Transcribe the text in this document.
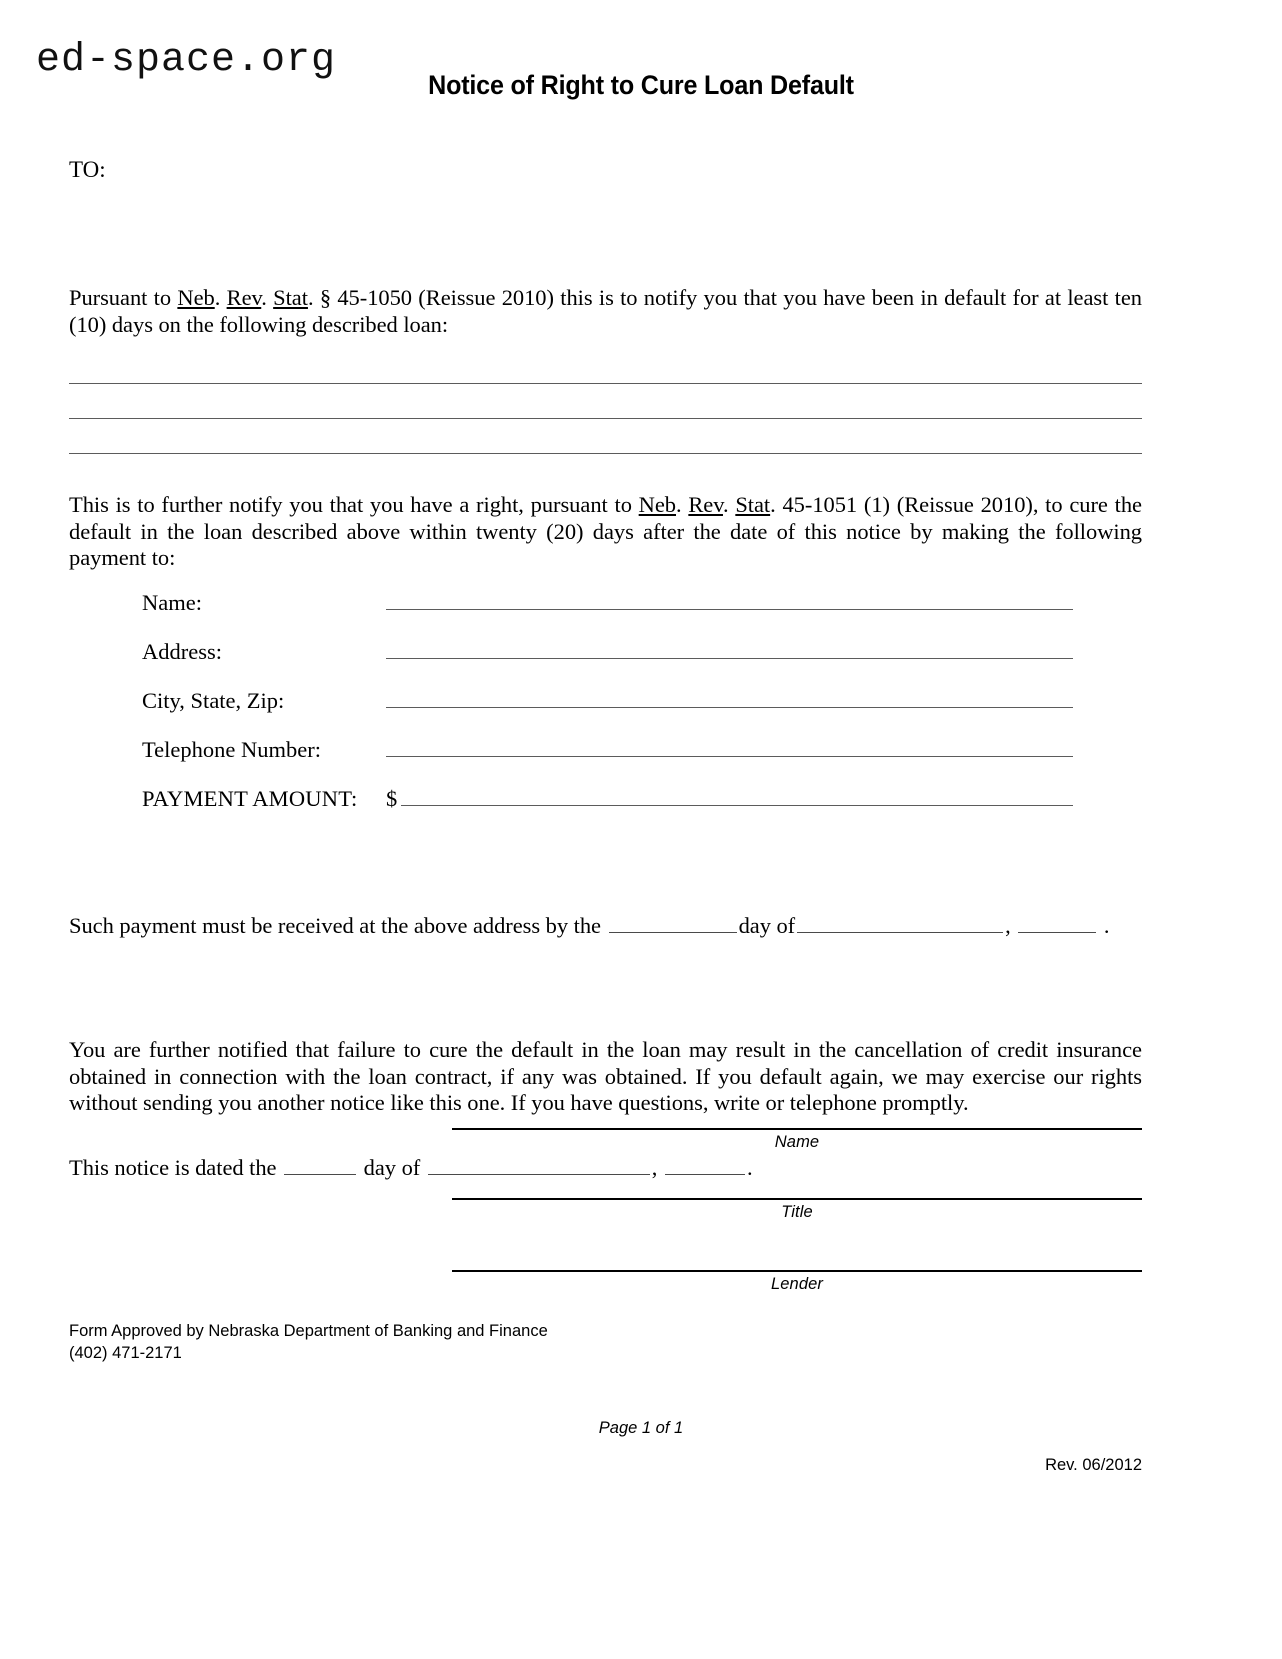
ed-space.org
Notice of Right to Cure Loan Default
TO:

Pursuant to Neb. Rev. Stat. § 45-1050 (Reissue 2010) this is to notify you that you have been in default for at least ten (10) days on the following described loan:

This is to further notify you that you have a right, pursuant to Neb. Rev. Stat. 45-1051 (1) (Reissue 2010), to cure the default in the loan described above within twenty (20) days after the date of this notice by making the following payment to:

Such payment must be received at the above address by the	day of	,	.

You are further notified that failure to cure the default in the loan may result in the cancellation of credit insurance obtained in connection with the loan contract, if any was obtained. If you default again, we may exercise our rights without sending you another notice like this one. If you have questions, write or telephone promptly.

Name:
Address:
City, State, Zip:
Telephone Number:
PAYMENT AMOUNT:	$

This notice is dated the	day of	,	.

Name
Title
Lender
Form Approved by Nebraska Department of Banking and Finance
(402) 471-2171
Page 1 of 1
Rev. 06/2012
